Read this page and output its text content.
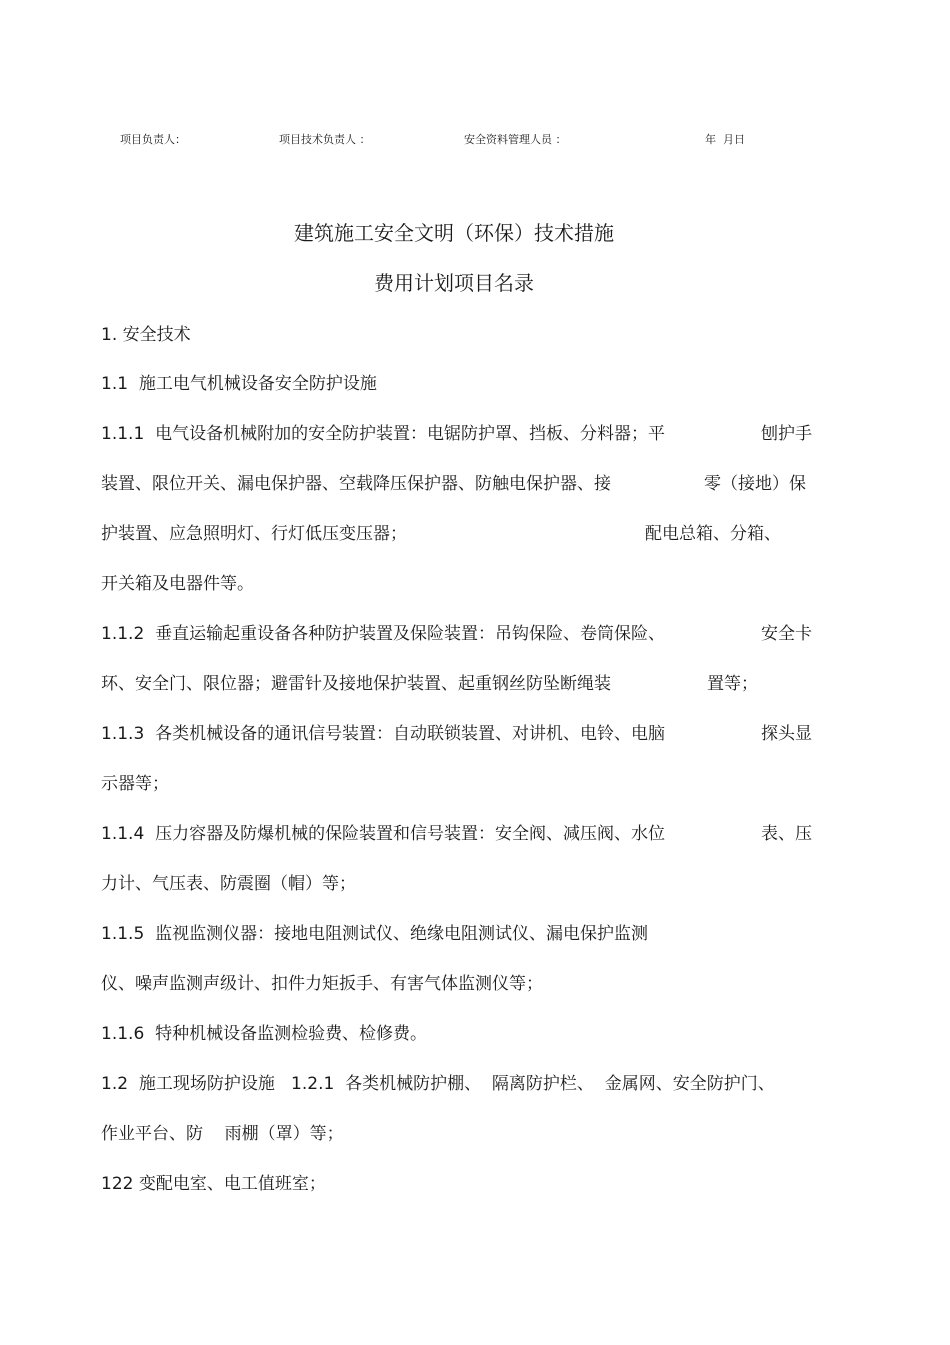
项目负责人：	项目技术负责人 ：	安全资料管理人员 ：	年  月日
建筑施工安全文明（环保）技术措施
费用计划项目名录
1. 安全技术
1.1  施工电气机械设备安全防护设施
1.1.1  电气设备机械附加的安全防护装置：电锯防护罩、挡板、分料器；平	刨护手
装置、限位开关、漏电保护器、空载降压保护器、防触电保护器、接	零（接地）保
护装置、应急照明灯、行灯低压变压器；	配电总箱、分箱、
开关箱及电器件等。
1.1.2  垂直运输起重设备各种防护装置及保险装置：吊钩保险、卷筒保险、	安全卡
环、安全门、限位器；避雷针及接地保护装置、起重钢丝防坠断绳装	置等；
1.1.3  各类机械设备的通讯信号装置：自动联锁装置、对讲机、电铃、电脑	探头显
示器等；
1.1.4  压力容器及防爆机械的保险装置和信号装置：安全阀、减压阀、水位	表、压
力计、气压表、防震圈（帽）等；
1.1.5  监视监测仪器：接地电阻测试仪、绝缘电阻测试仪、漏电保护监测
仪、噪声监测声级计、扣件力矩扳手、有害气体监测仪等；
1.1.6  特种机械设备监测检验费、检修费。
1.2  施工现场防护设施   1.2.1  各类机械防护棚、  隔离防护栏、  金属网、安全防护门、
作业平台、防    雨棚（罩）等；
122 变配电室、电工值班室；
